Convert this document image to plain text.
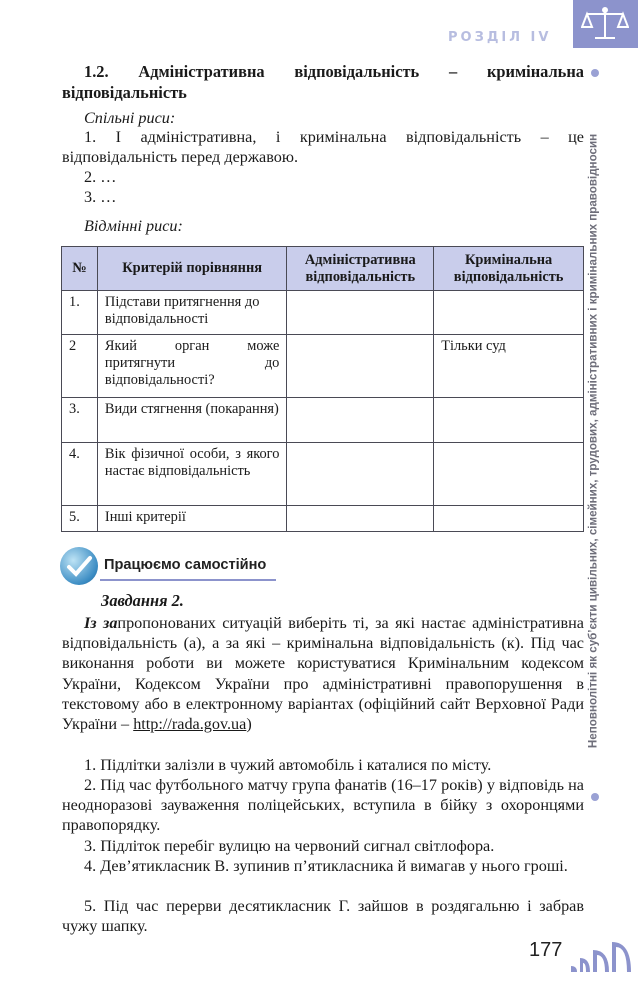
РОЗДІЛ IV
Неповнолітні як суб’єкти цивільних, сімейних, трудових, адміністративних і кримінальних правовідносин
1.2. Адміністративна відповідальність – кримінальна відповідальність
Спільні риси:
1. І адміністративна, і кримінальна відповідальність – це відповідальність перед державою.
2. …
3. …
Відмінні риси:
№	Критерій порівняння	Адміністративна відповідальність	Кримінальна відповідальність
1.	Підстави притягнення до відповідальності		
2	Який орган може притягнути до відповідальності?		Тільки суд
3.	Види стягнення (покарання)		
4.	Вік фізичної особи, з якого настає відповідальність		
5.	Інші критерії		
Працюємо самостійно
Завдання 2.
Із запропонованих ситуацій виберіть ті, за які настає адміністративна відповідальність (а), а за які – кримінальна відповідальність (к). Під час виконання роботи ви можете користуватися Кримінальним кодексом України, Кодексом України про адміністративні правопорушення в текстовому або в електронному варіантах (офіційний сайт Верховної Ради України – http://rada.gov.ua)
1. Підлітки залізли в чужий автомобіль і каталися по місту.
2. Під час футбольного матчу група фанатів (16–17 років) у відповідь на неодноразові зауваження поліцейських, вступила в бійку з охоронцями правопорядку.
3. Підліток перебіг вулицю на червоний сигнал світлофора.
4. Дев’ятикласник В. зупинив п’ятикласника й вимагав у нього грошi.
5. Під час перерви десятикласник Г. зайшов в роздягальню і забрав чужу шапку.
177
